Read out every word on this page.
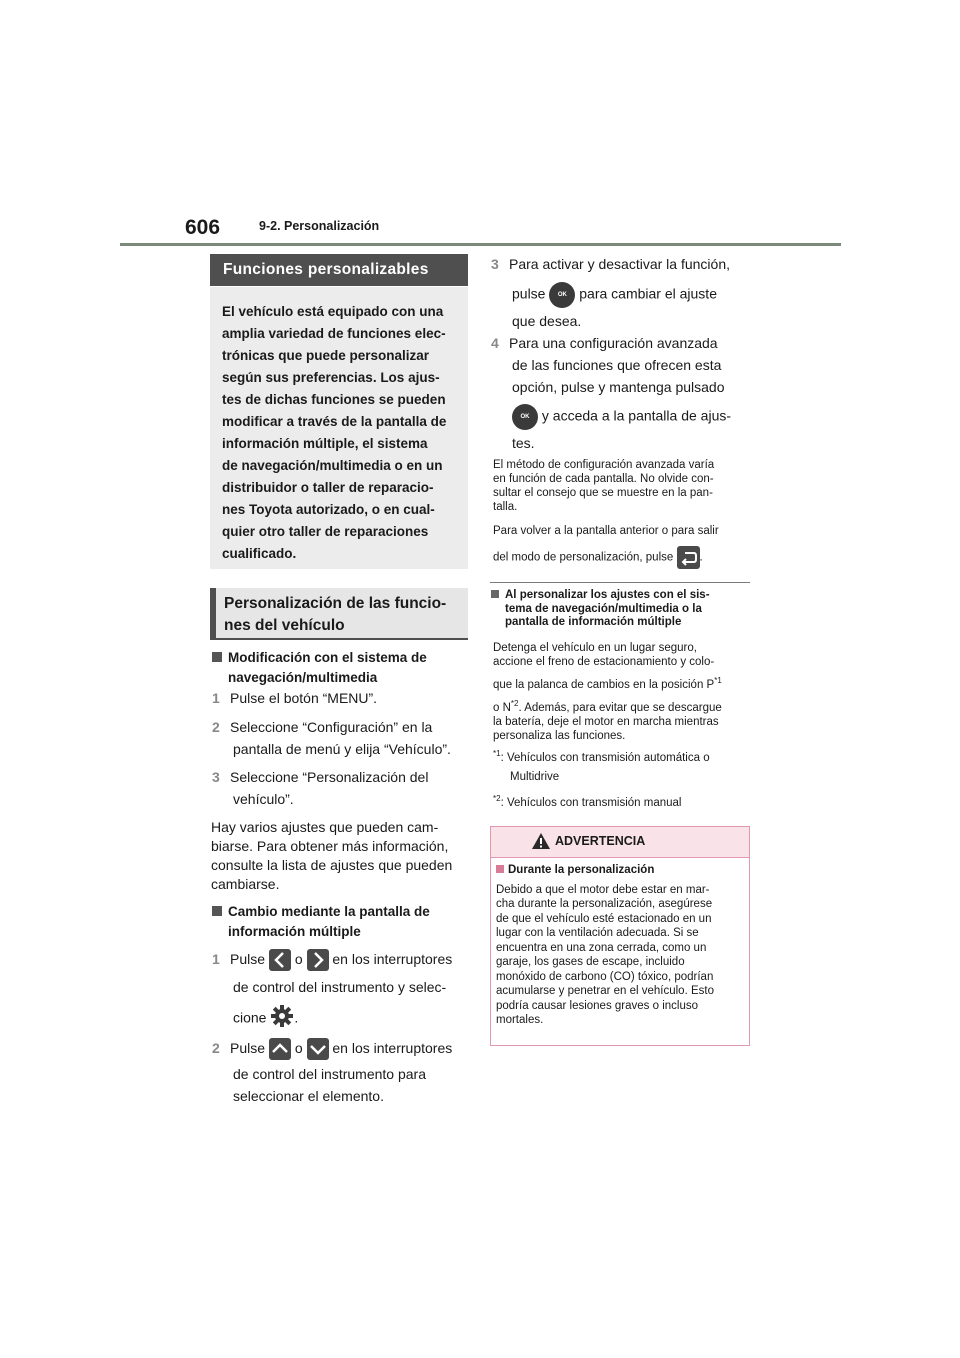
606	9-2. Personalización
Funciones personalizables

El vehículo está equipado con una

amplia variedad de funciones elec-

trónicas que puede personalizar

según sus preferencias. Los ajus-

tes de dichas funciones se pueden

modificar a través de la pantalla de

información múltiple, el sistema

de navegación/multimedia o en un

distribuidor o taller de reparacio-

nes Toyota autorizado, o en cual-

quier otro taller de reparaciones

cualificado.

Personalización de las funcio-
nes del vehículo
Modificación con el sistema de
navegación/multimedia
1 Pulse el botón “MENU”.
2 Seleccione “Configuración” en la
pantalla de menú y elija “Vehículo”.
3 Seleccione “Personalización del
vehículo”.
Hay varios ajustes que pueden cam-
biarse. Para obtener más información,
consulte la lista de ajustes que pueden
cambiarse.
Cambio mediante la pantalla de
información múltiple
1 Pulse o en los interruptores
de control del instrumento y selec-
cione .
2 Pulse o en los interruptores
de control del instrumento para
seleccionar el elemento.
3 Para activar y desactivar la función,
pulse OK para cambiar el ajuste
que desea.
4 Para una configuración avanzada
de las funciones que ofrecen esta
opción, pulse y mantenga pulsado
OK y acceda a la pantalla de ajus-
tes.
El método de configuración avanzada varía
en función de cada pantalla. No olvide con-
sultar el consejo que se muestre en la pan-
talla.
Para volver a la pantalla anterior o para salir
del modo de personalización, pulse .
Al personalizar los ajustes con el sis-
tema de navegación/multimedia o la
pantalla de información múltiple
Detenga el vehículo en un lugar seguro,
accione el freno de estacionamiento y colo-
que la palanca de cambios en la posición $P^{*1}$
o $N^{*2}$. Además, para evitar que se descargue
la batería, deje el motor en marcha mientras
personaliza las funciones.
$^{*1}$: Vehículos con transmisión automática o
Multidrive
$^{*2}$: Vehículos con transmisión manual
ADVERTENCIA
Durante la personalización
Debido a que el motor debe estar en mar-
cha durante la personalización, asegúrese
de que el vehículo esté estacionado en un
lugar con la ventilación adecuada. Si se
encuentra en una zona cerrada, como un
garaje, los gases de escape, incluido
monóxido de carbono (CO) tóxico, podrían
acumularse y penetrar en el vehículo. Esto
podría causar lesiones graves o incluso
mortales.
